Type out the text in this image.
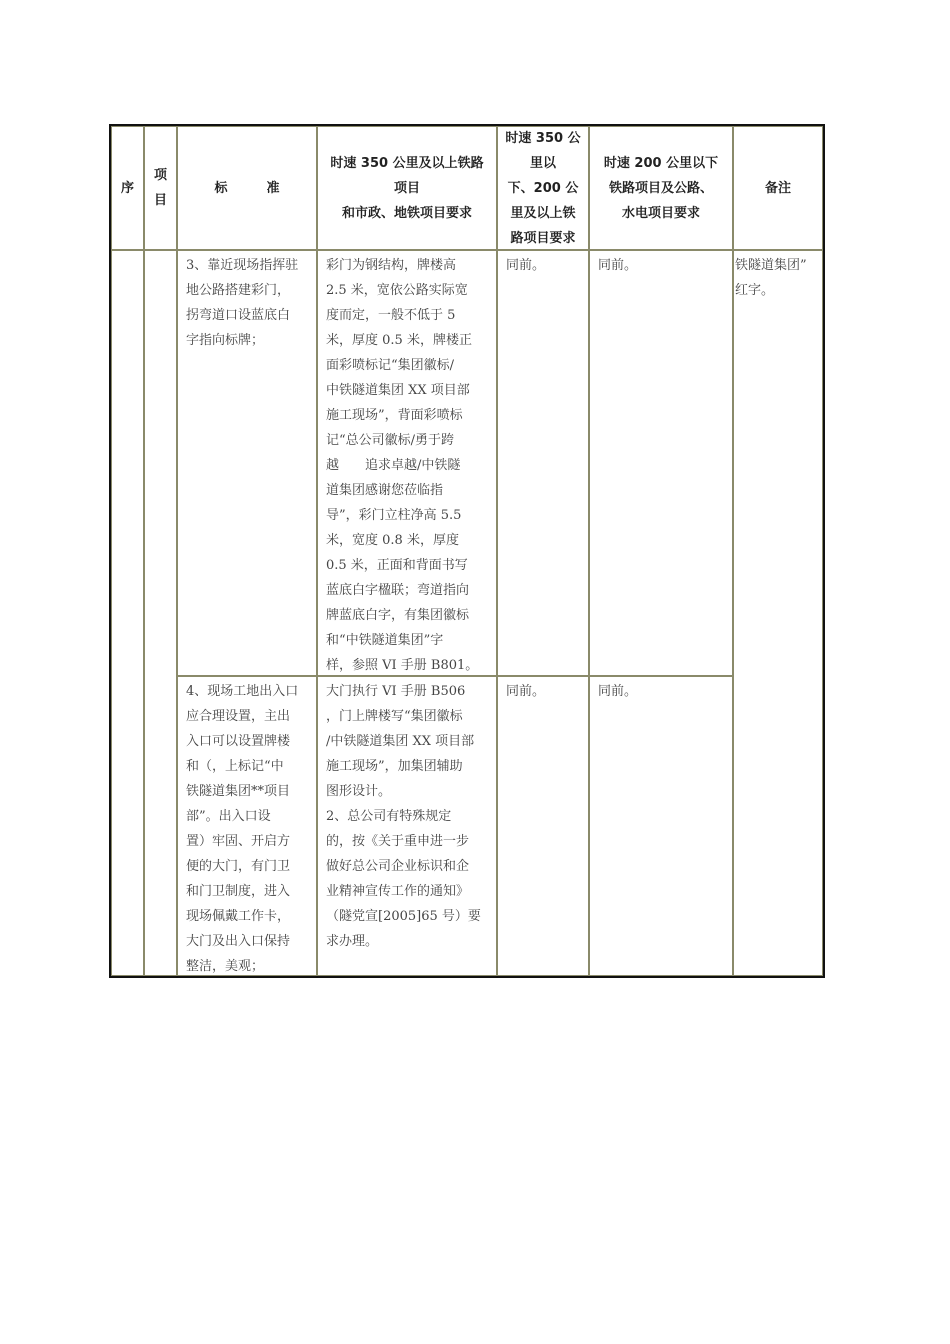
序
项
目
标　　　准
时速 350 公里及以上铁路
项目
和市政、地铁项目要求
时速 350 公
里以
下、200 公
里及以上铁
路项目要求
时速 200 公里以下
铁路项目及公路、
水电项目要求
备注
铁隧道集团”
红字。
3、靠近现场指挥驻
地公路搭建彩门，
拐弯道口设蓝底白
字指向标牌；
彩门为钢结构，牌楼高
2.5 米，宽依公路实际宽
度而定，一般不低于 5
米，厚度 0.5 米，牌楼正
面彩喷标记“集团徽标/
中铁隧道集团 XX 项目部
施工现场”，背面彩喷标
记“总公司徽标/勇于跨
越　　追求卓越/中铁隧
道集团感谢您莅临指
导”，彩门立柱净高 5.5
米，宽度 0.8 米，厚度
0.5 米，正面和背面书写
蓝底白字楹联；弯道指向
牌蓝底白字，有集团徽标
和“中铁隧道集团”字
样，参照 VI 手册 B801。
同前。	同前。
4、现场工地出入口
应合理设置，主出
入口可以设置牌楼
和（，上标记“中
铁隧道集团**项目
部”。出入口设
置）牢固、开启方
便的大门，有门卫
和门卫制度，进入
现场佩戴工作卡，
大门及出入口保持
整洁，美观；
大门执行 VI 手册 B506
，门上牌楼写“集团徽标
/中铁隧道集团 XX 项目部
施工现场”，加集团辅助
图形设计。
2、总公司有特殊规定
的，按《关于重申进一步
做好总公司企业标识和企
业精神宣传工作的通知》
（隧党宣[2005]65 号）要
求办理。
同前。	同前。
